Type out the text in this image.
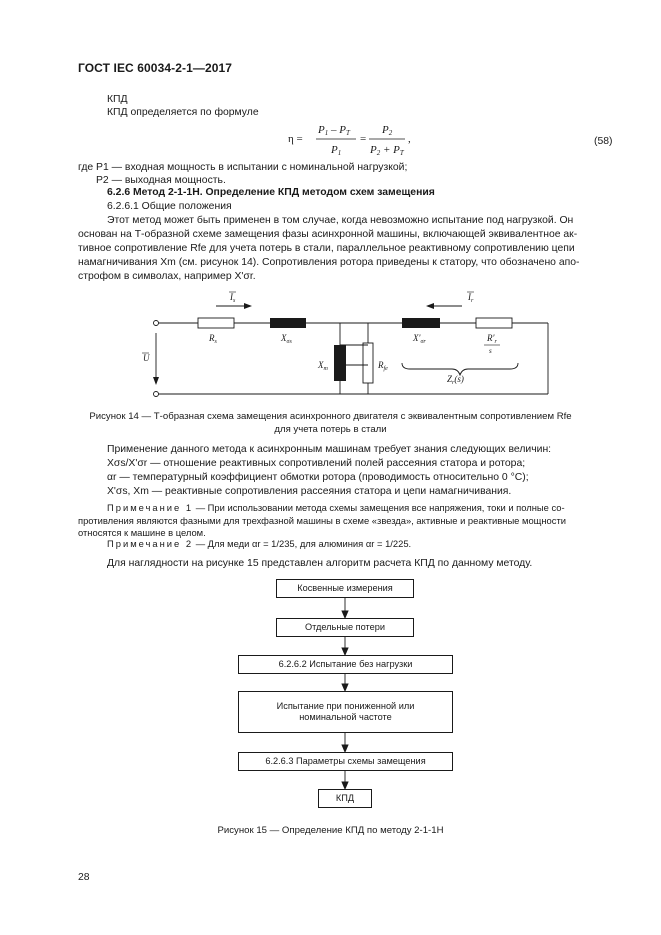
ГОСТ IEC 60034-2-1—2017
КПД
КПД определяется по формуле
η =
P1 – PT
P1
=
P2
P2 + PT
,	(58)
где P1 — входная мощность в испытании с номинальной нагрузкой;
P2 — выходная мощность.
6.2.6 Метод 2-1-1Н. Определение КПД методом схем замещения
6.2.6.1 Общие положения
Этот метод может быть применен в том случае, когда невозможно испытание под нагрузкой. Он
основан на Т-образной схеме замещения фазы асинхронной машины, включающей эквивалентное ак-
тивное сопротивление Rfe для учета потерь в стали, параллельное реактивному сопротивлению цепи
намагничивания Xm (см. рисунок 14). Сопротивления ротора приведены к статору, что обозначено апо-
строфом в символах, например X'σr.
$I_s$	$I_r$
$R_s$	$X_{\sigma s}$	$X'_{\sigma r}$	$R'_r$
s
$X_m$	$R_{fe}$
$Z_r(s)$
U
Рисунок 14 — Т-образная схема замещения асинхронного двигателя с эквивалентным сопротивлением Rfe
для учета потерь в стали
Применение данного метода к асинхронным машинам требует знания следующих величин:
Xσs/X'σr — отношение реактивных сопротивлений полей рассеяния статора и ротора;
αr — температурный коэффициент обмотки ротора (проводимость относительно 0 °C);
X'σs, Xm — реактивные сопротивления рассеяния статора и цепи намагничивания.
Примечание 1 — При использовании метода схемы замещения все напряжения, токи и полные со-
противления являются фазными для трехфазной машины в схеме «звезда», активные и реактивные мощности
относятся к машине в целом.
Примечание 2 — Для меди αr = 1/235, для алюминия αr = 1/225.
Для наглядности на рисунке 15 представлен алгоритм расчета КПД по данному методу.
Косвенные измерения
Отдельные потери
6.2.6.2 Испытание без нагрузки
Испытание при пониженной или номинальной частоте
6.2.6.3 Параметры схемы замещения
КПД
Рисунок 15 — Определение КПД по методу 2-1-1Н
28
